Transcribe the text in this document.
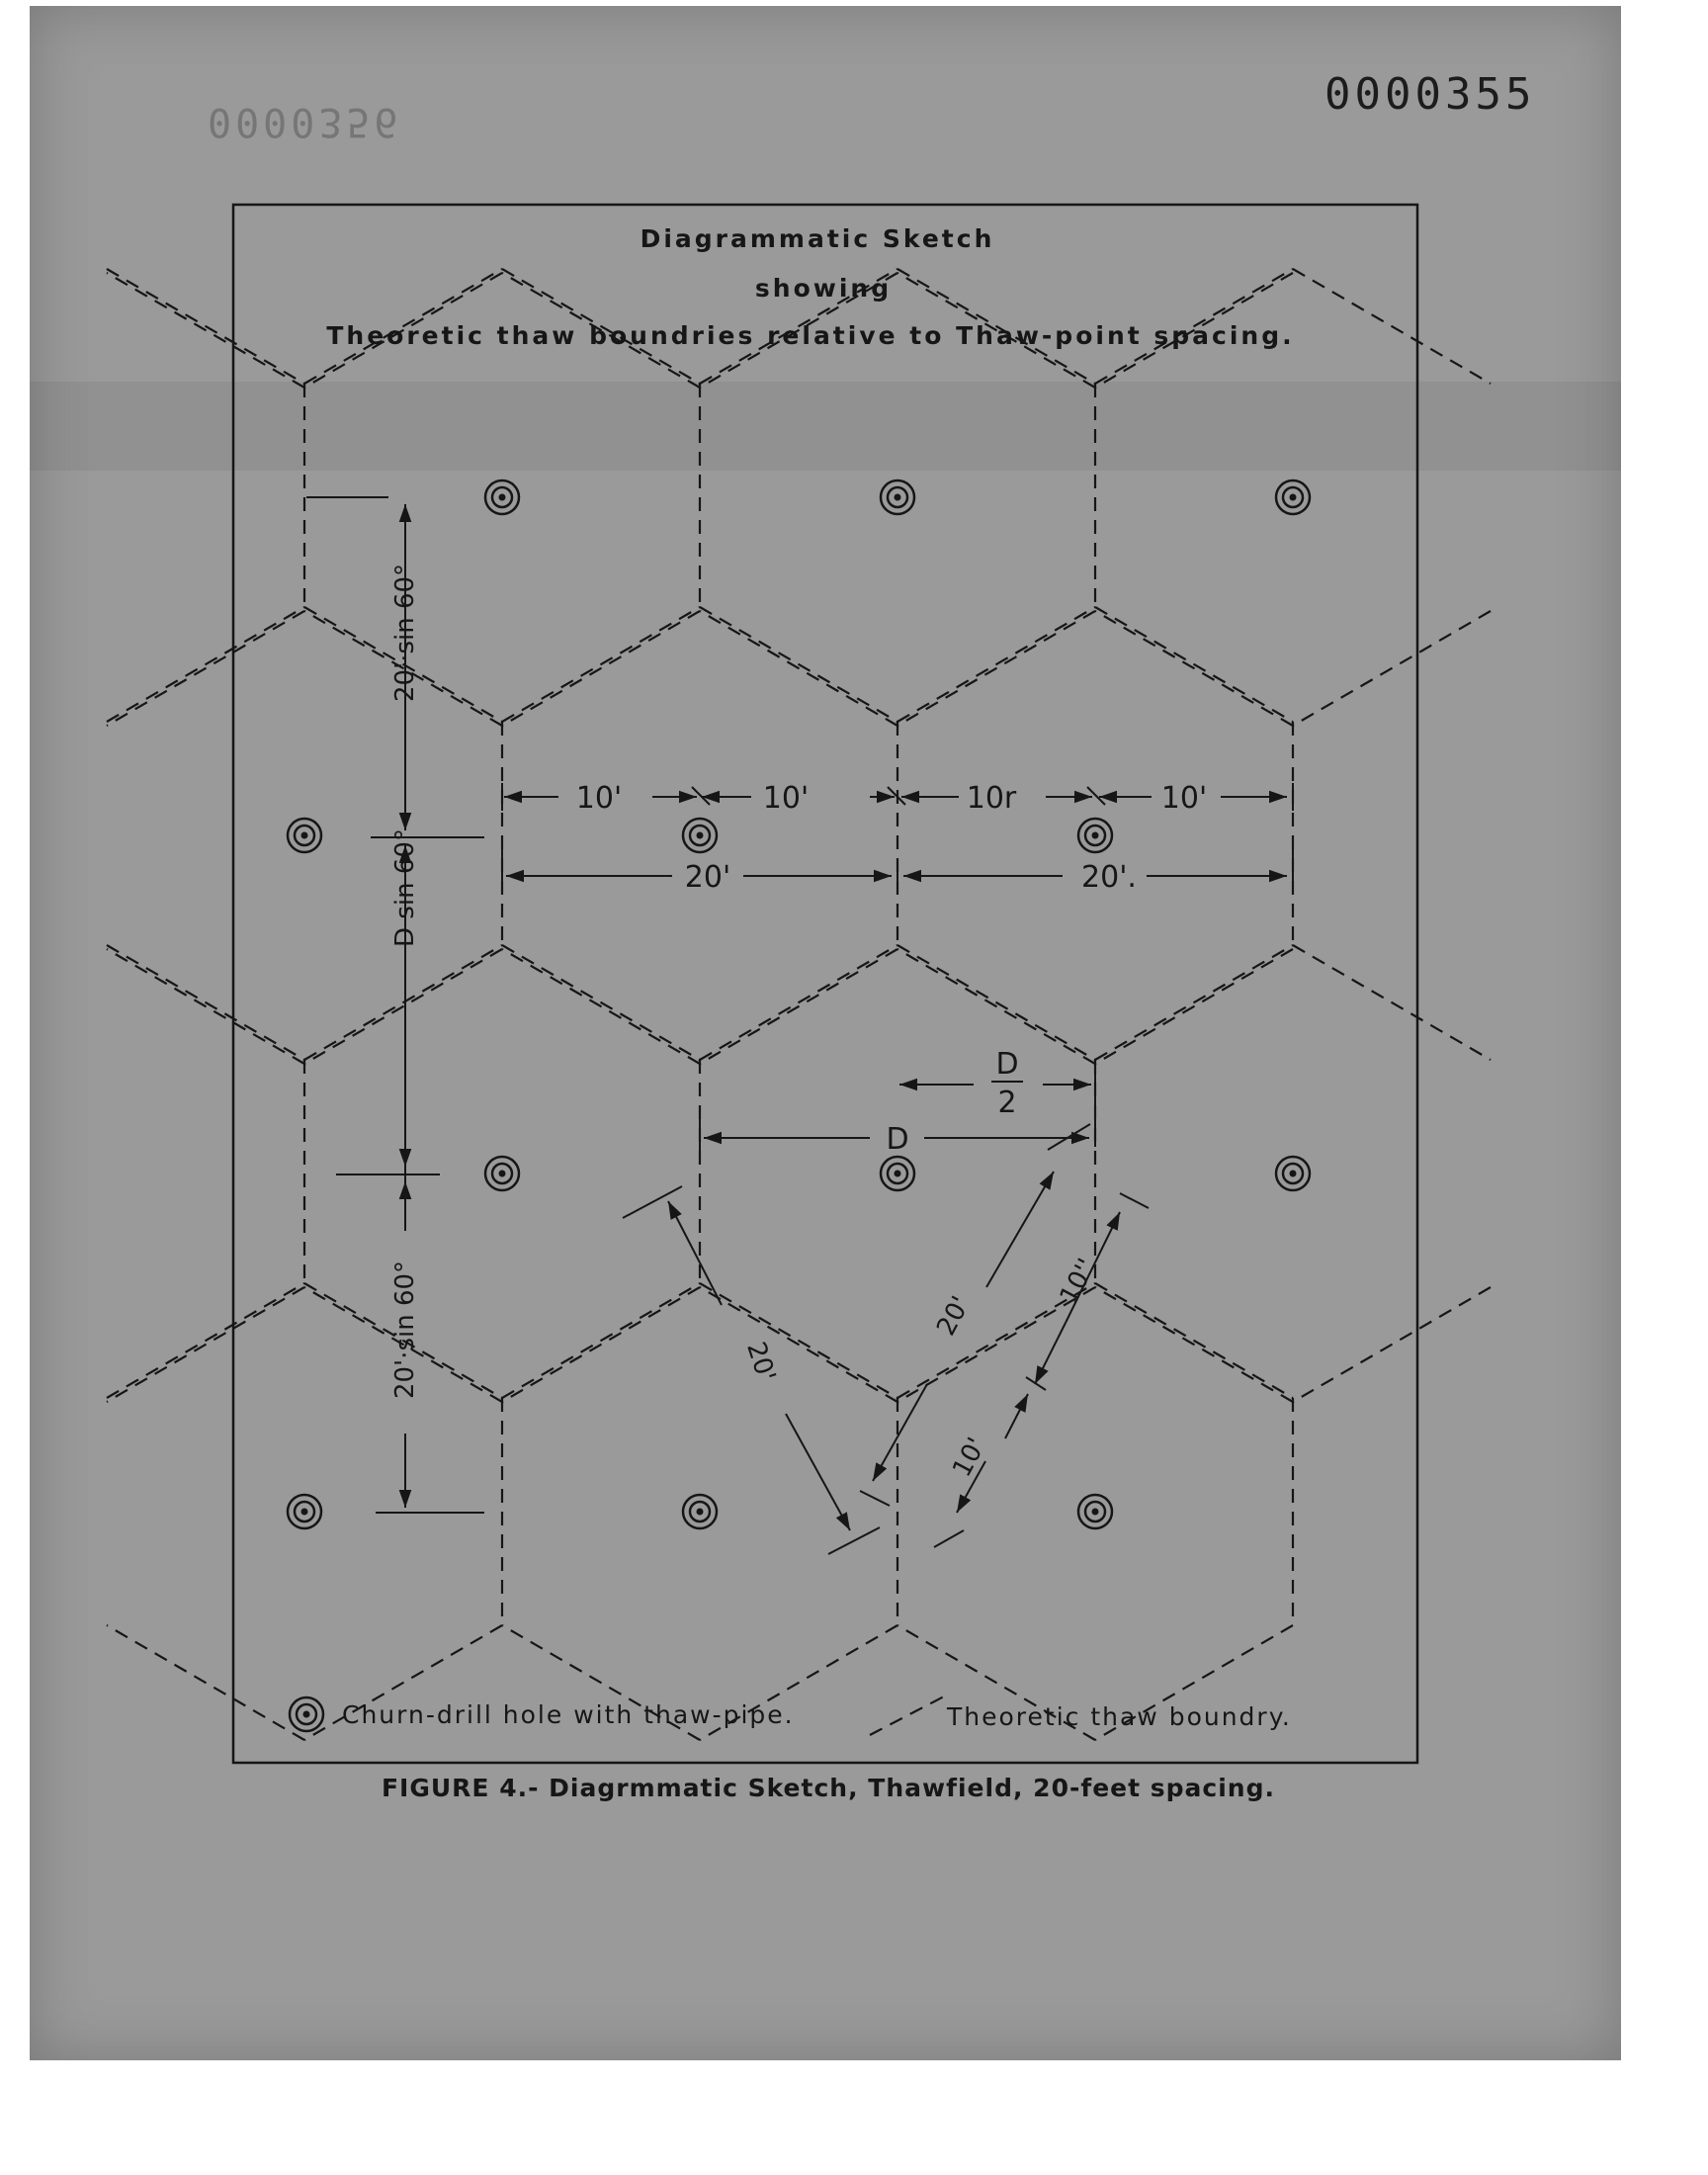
0000356
0000355
Diagrammatic Sketch
showing
Theoretic thaw boundries relative to Thaw-point spacing.
10'	10'	10r	10'
20'	20'.
D
2
D
20'·sin 60°
D sin 60°
20'·sin 60°	20'
20'
10''
10'
Churn-drill hole with thaw-pipe.	Theoretic thaw boundry.
FIGURE 4.- Diagrmmatic Sketch, Thawfield, 20-feet spacing.
